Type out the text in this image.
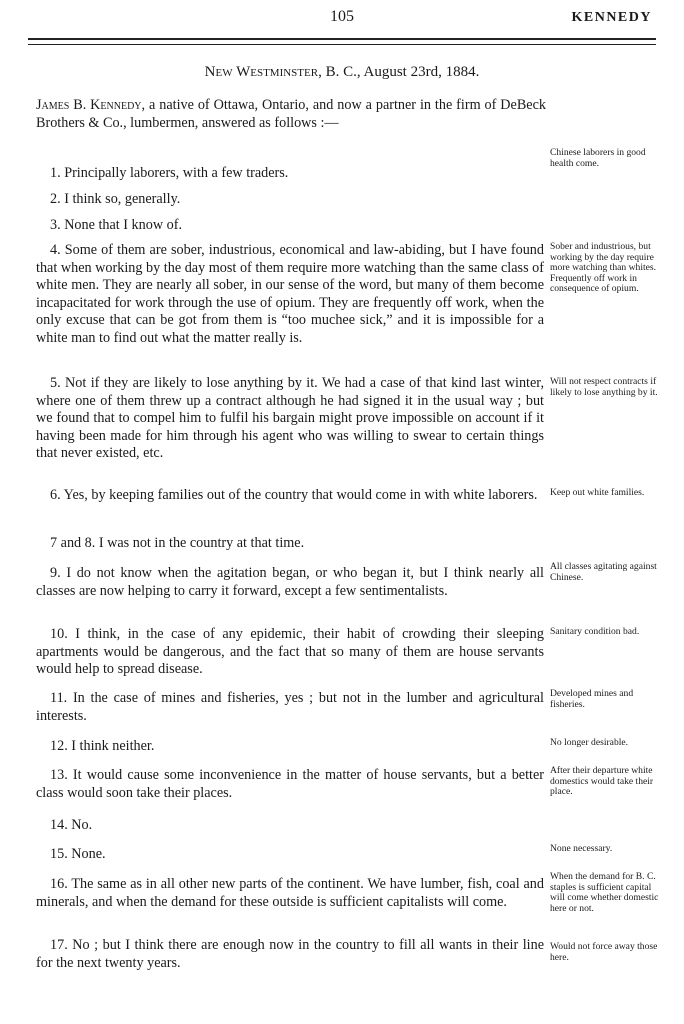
105	KENNEDY
New Westminster, B. C., August 23rd, 1884.

James B. Kennedy, a native of Ottawa, Ontario, and now a partner in the firm of DeBeck Brothers & Co., lumbermen, answered as follows :—

1. Principally laborers, with a few traders.

2. I think so, generally.

3. None that I know of.

4. Some of them are sober, industrious, economical and law-abiding, but I have found that when working by the day most of them require more watching than the same class of white men. They are nearly all sober, in our sense of the word, but many of them become incapacitated for work through the use of opium. They are frequently off work, when the only excuse that can be got from them is “too muchee sick,” and it is impossible for a white man to find out what the matter really is.

5. Not if they are likely to lose anything by it. We had a case of that kind last winter, where one of them threw up a contract although he had signed it in the usual way ; but we found that to compel him to fulfil his bargain might prove impossible on account if it having been made for him through his agent who was willing to swear to certain things that never existed, etc.

6. Yes, by keeping families out of the country that would come in with white laborers.

7 and 8. I was not in the country at that time.

9. I do not know when the agitation began, or who began it, but I think nearly all classes are now helping to carry it forward, except a few sentimentalists.

10. I think, in the case of any epidemic, their habit of crowding their sleeping apartments would be dangerous, and the fact that so many of them are house servants would help to spread disease.

11. In the case of mines and fisheries, yes ; but not in the lumber and agricultural interests.

12. I think neither.

13. It would cause some inconvenience in the matter of house servants, but a better class would soon take their places.

14. No.

15. None.

16. The same as in all other new parts of the continent. We have lumber, fish, coal and minerals, and when the demand for these outside is sufficient capitalists will come.

17. No ; but I think there are enough now in the country to fill all wants in their line for the next twenty years.

Chinese laborers in good health come.

Sober and industrious, but working by the day require more watching than whites. Frequently off work in consequence of opium.

Will not respect contracts if likely to lose anything by it.

Keep out white families.

All classes agitating against Chinese.

Sanitary condition bad.

Developed mines and fisheries.

No longer desirable.

After their departure white domestics would take their place.

None necessary.

When the demand for B. C. staples is sufficient capital will come whether domestic here or not.

Would not force away those here.
